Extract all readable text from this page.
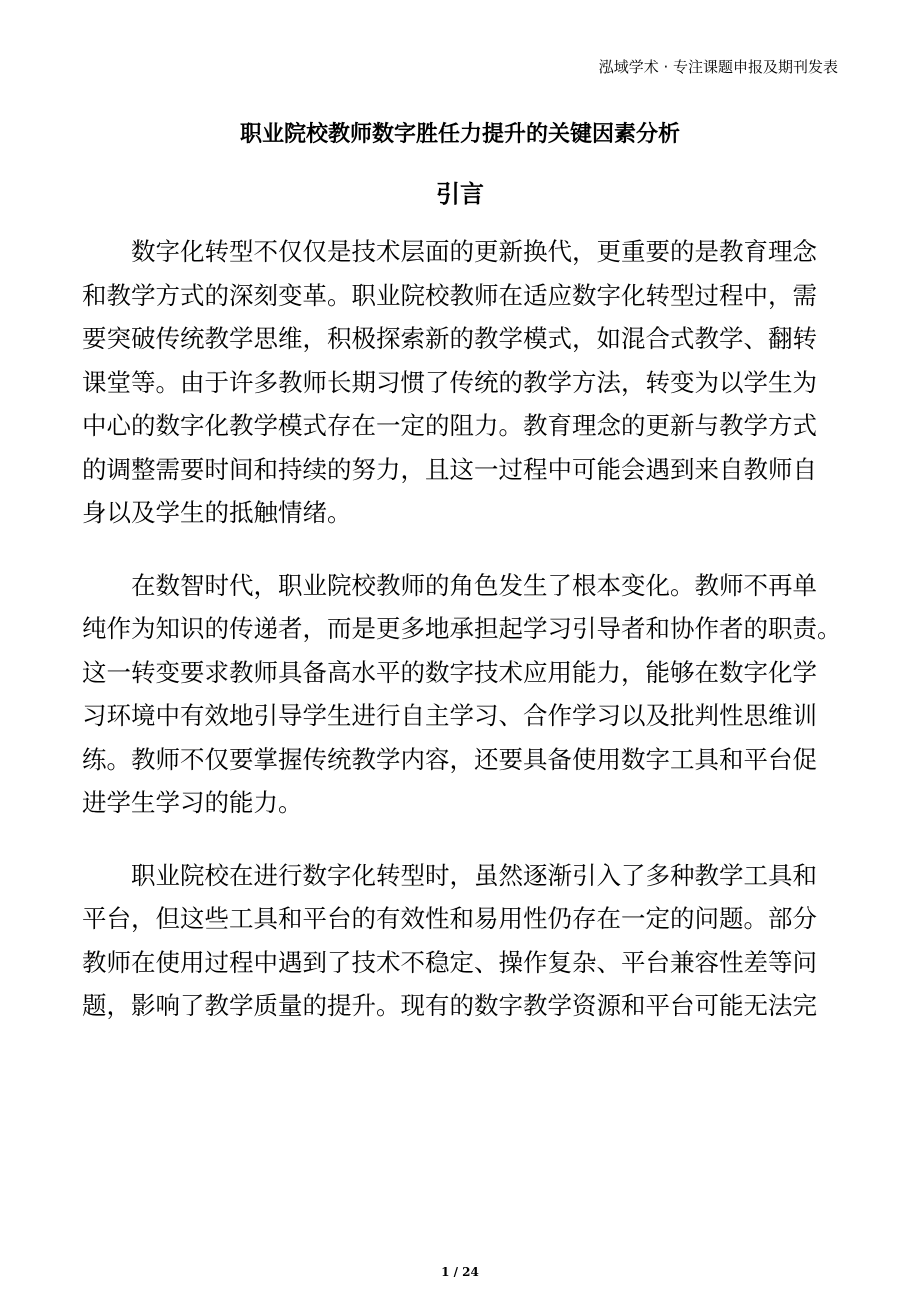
泓域学术 · 专注课题申报及期刊发表
职业院校教师数字胜任力提升的关键因素分析
引言
数字化转型不仅仅是技术层面的更新换代，更重要的是教育理念
和教学方式的深刻变革。职业院校教师在适应数字化转型过程中，需
要突破传统教学思维，积极探索新的教学模式，如混合式教学、翻转
课堂等。由于许多教师长期习惯了传统的教学方法，转变为以学生为
中心的数字化教学模式存在一定的阻力。教育理念的更新与教学方式
的调整需要时间和持续的努力，且这一过程中可能会遇到来自教师自
身以及学生的抵触情绪。
在数智时代，职业院校教师的角色发生了根本变化。教师不再单
纯作为知识的传递者，而是更多地承担起学习引导者和协作者的职责。
这一转变要求教师具备高水平的数字技术应用能力，能够在数字化学
习环境中有效地引导学生进行自主学习、合作学习以及批判性思维训
练。教师不仅要掌握传统教学内容，还要具备使用数字工具和平台促
进学生学习的能力。
职业院校在进行数字化转型时，虽然逐渐引入了多种教学工具和
平台，但这些工具和平台的有效性和易用性仍存在一定的问题。部分
教师在使用过程中遇到了技术不稳定、操作复杂、平台兼容性差等问
题，影响了教学质量的提升。现有的数字教学资源和平台可能无法完
1 / 24
